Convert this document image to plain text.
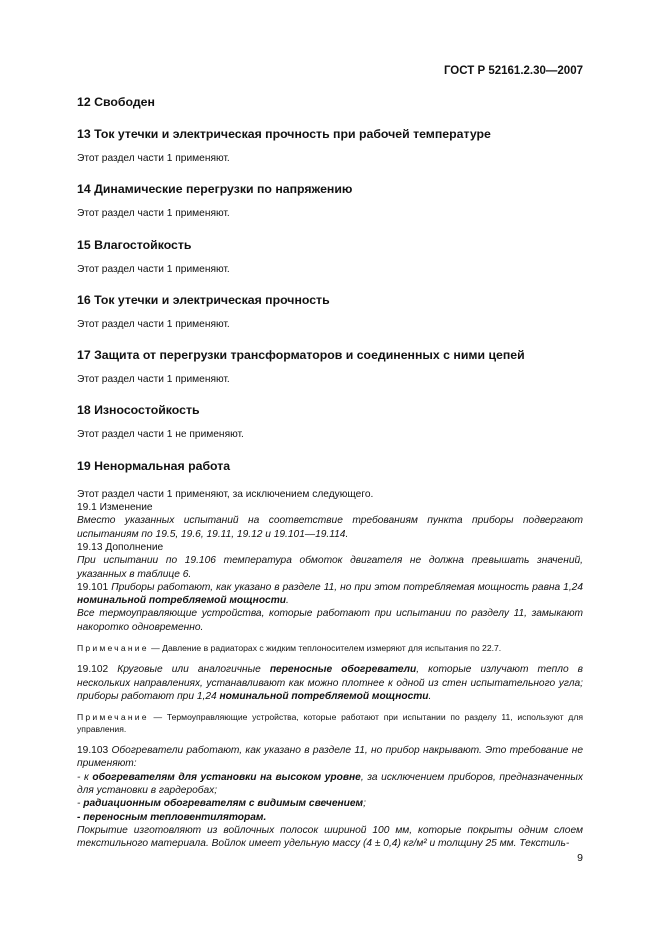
ГОСТ Р 52161.2.30—2007
12 Свободен
13 Ток утечки и электрическая прочность при рабочей температуре

Этот раздел части 1 применяют.

14 Динамические перегрузки по напряжению

Этот раздел части 1 применяют.

15 Влагостойкость

Этот раздел части 1 применяют.

16 Ток утечки и электрическая прочность

Этот раздел части 1 применяют.

17 Защита от перегрузки трансформаторов и соединенных с ними цепей

Этот раздел части 1 применяют.

18 Износостойкость

Этот раздел части 1 не применяют.

19 Ненормальная работа

Этот раздел части 1 применяют, за исключением следующего.

19.1 Изменение

Вместо указанных испытаний на соответствие требованиям пункта приборы подвергают испытаниям по 19.5, 19.6, 19.11, 19.12 и 19.101—19.114.

19.13 Дополнение

При испытании по 19.106 температура обмоток двигателя не должна превышать значений, указанных в таблице 6.

19.101 Приборы работают, как указано в разделе 11, но при этом потребляемая мощность равна 1,24 номинальной потребляемой мощности.

Все термоуправляющие устройства, которые работают при испытании по разделу 11, замыкают накоротко одновременно.

Примечание — Давление в радиаторах с жидким теплоносителем измеряют для испытания по 22.7.

19.102 Круговые или аналогичные переносные обогреватели, которые излучают тепло в нескольких направлениях, устанавливают как можно плотнее к одной из стен испытательного угла; приборы работают при 1,24 номинальной потребляемой мощности.

Примечание — Термоуправляющие устройства, которые работают при испытании по разделу 11, используют для управления.

19.103 Обогреватели работают, как указано в разделе 11, но прибор накрывают. Это требование не применяют:

- к обогревателям для установки на высоком уровне, за исключением приборов, предназначенных для установки в гардеробах;

- радиационным обогревателям с видимым свечением;

- переносным тепловентиляторам.

Покрытие изготовляют из войлочных полосок шириной 100 мм, которые покрыты одним слоем текстильного материала. Войлок имеет удельную массу (4 ± 0,4) кг/м² и толщину 25 мм. Текстиль-

9
